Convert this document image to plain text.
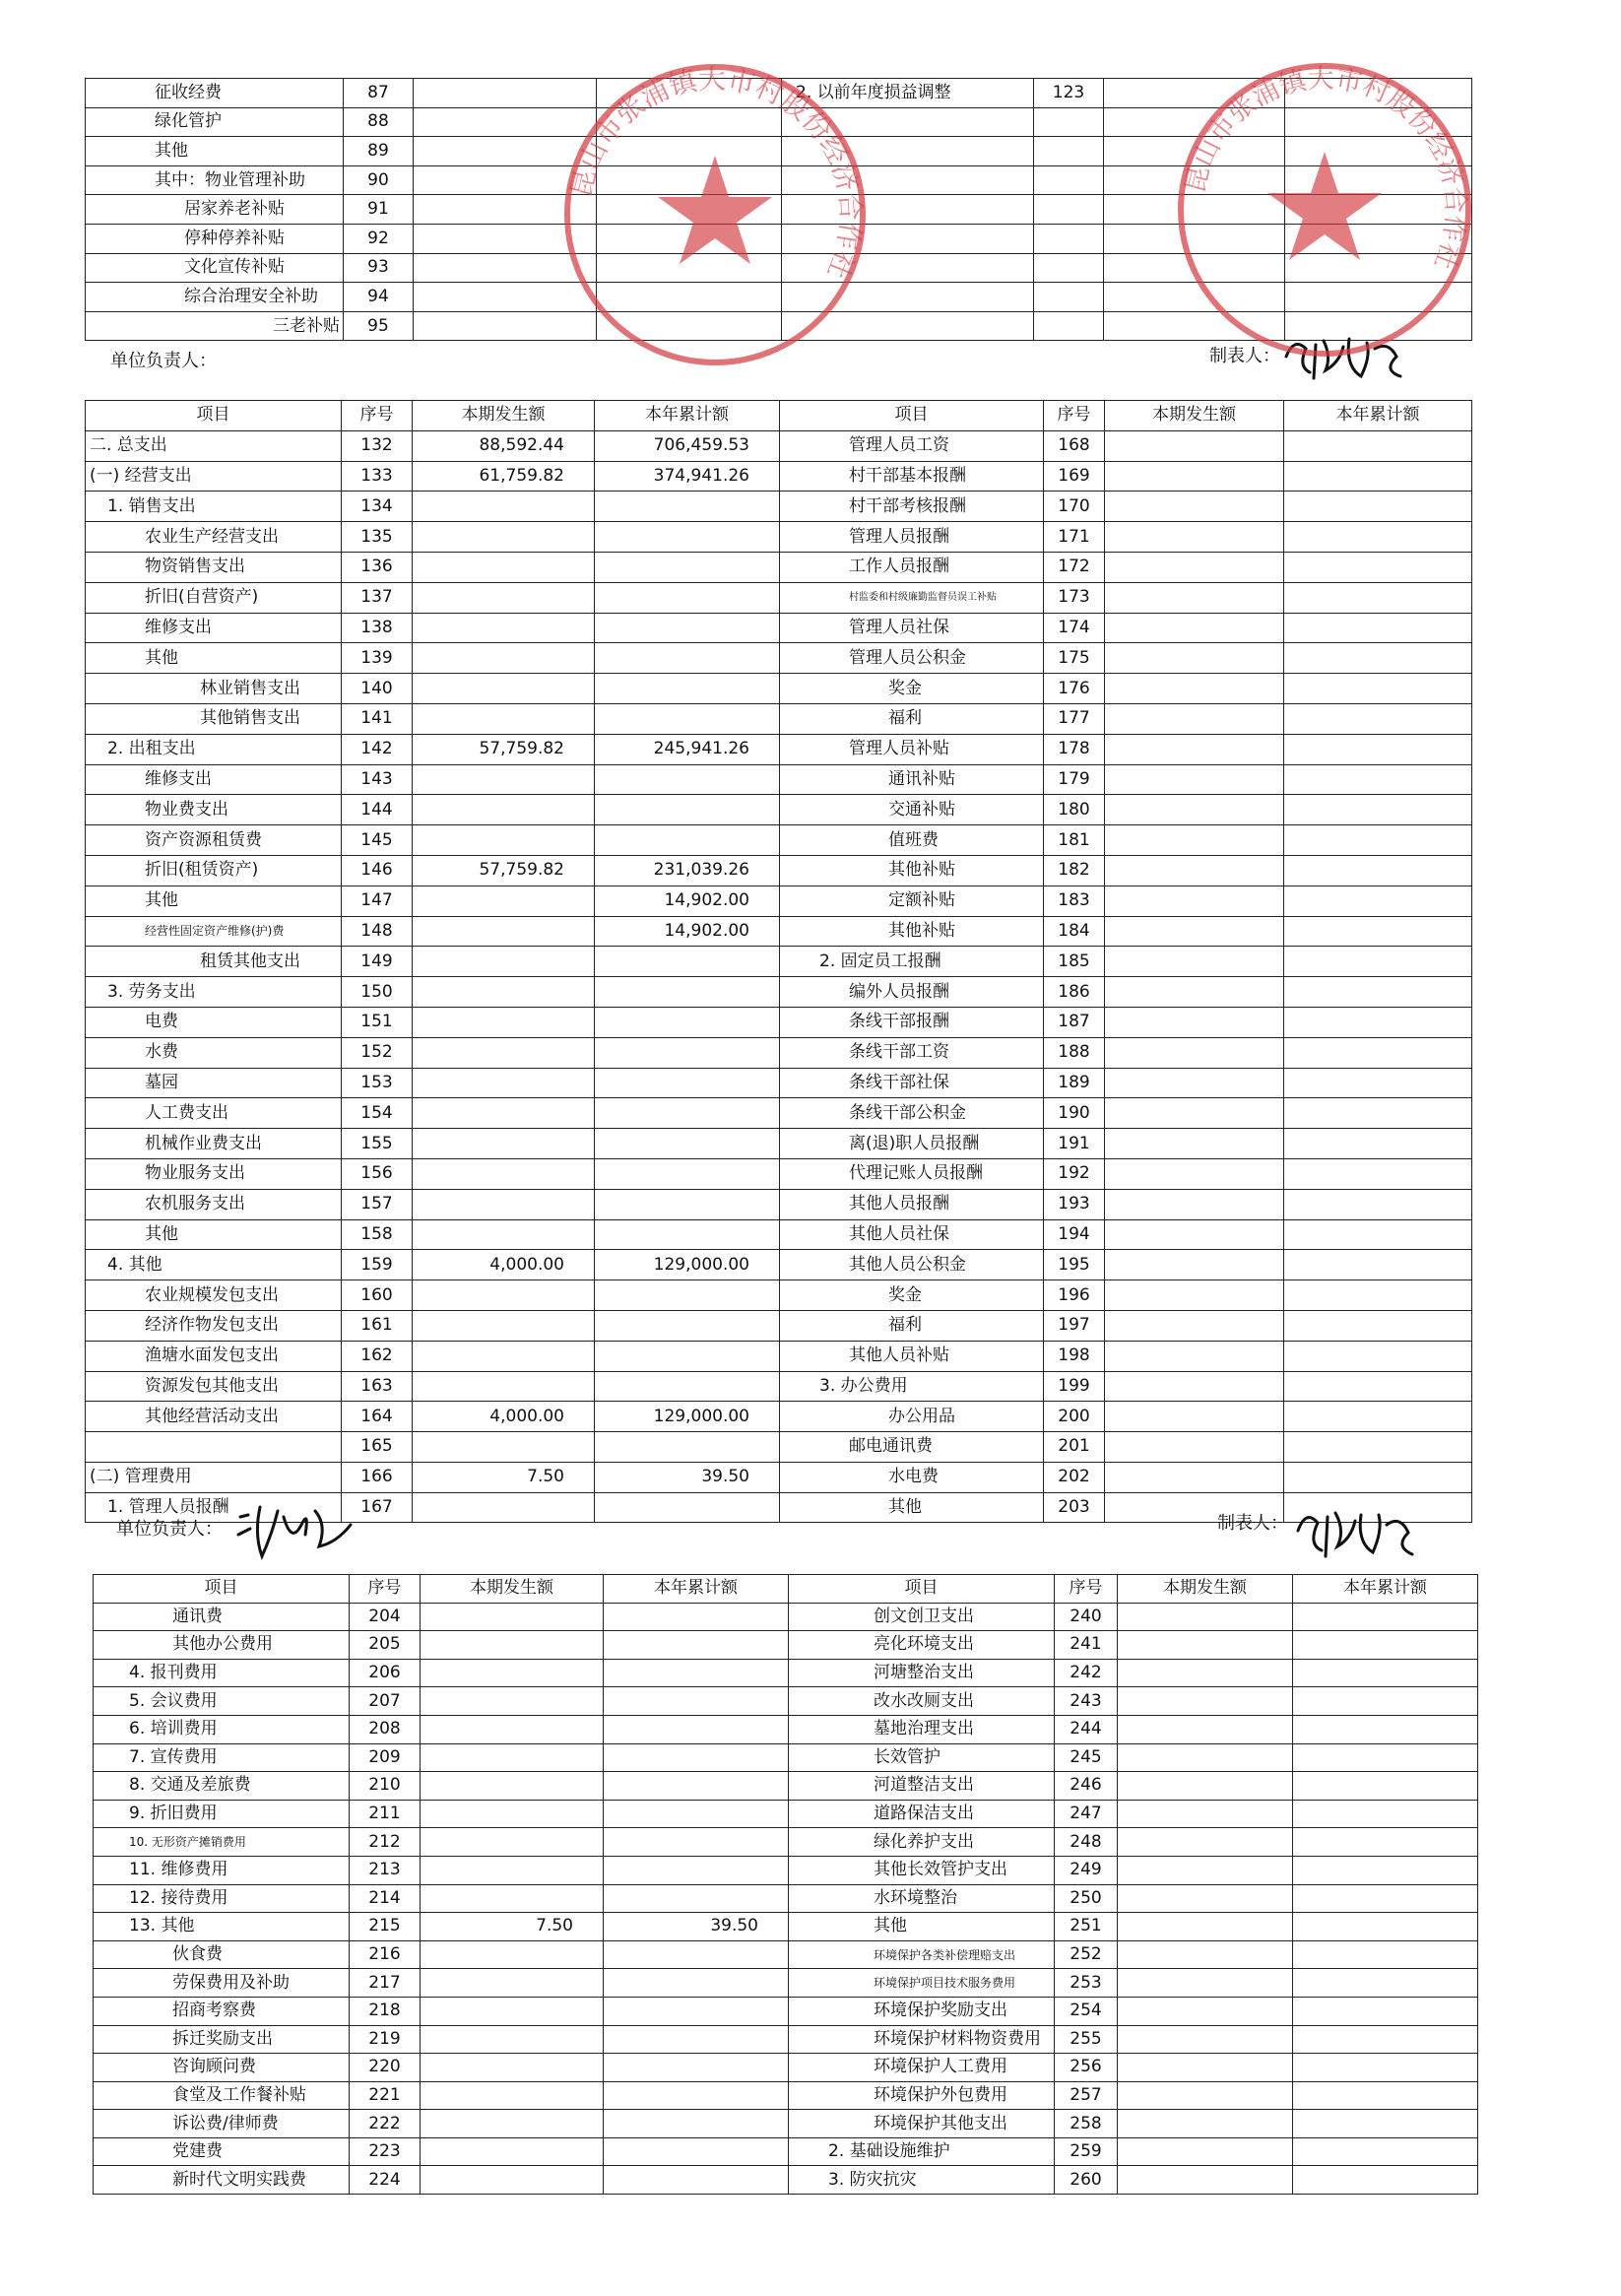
征收经费	87			2. 以前年度损益调整	123		
绿化管护	88						
其他	89						
其中：物业管理补助	90						
居家养老补贴	91						
停种停养补贴	92						
文化宣传补贴	93						
综合治理安全补助	94						
三老补贴	95						
单位负责人：	制表人：
项目	序号	本期发生额	本年累计额	项目	序号	本期发生额	本年累计额
二. 总支出	132	88,592.44	706,459.53	管理人员工资	168		
(一) 经营支出	133	61,759.82	374,941.26	村干部基本报酬	169		
1. 销售支出	134			村干部考核报酬	170		
农业生产经营支出	135			管理人员报酬	171		
物资销售支出	136			工作人员报酬	172		
折旧(自营资产)	137			村监委和村级廉勤监督员误工补贴	173		
维修支出	138			管理人员社保	174		
其他	139			管理人员公积金	175		
林业销售支出	140			奖金	176		
其他销售支出	141			福利	177		
2. 出租支出	142	57,759.82	245,941.26	管理人员补贴	178		
维修支出	143			通讯补贴	179		
物业费支出	144			交通补贴	180		
资产资源租赁费	145			值班费	181		
折旧(租赁资产)	146	57,759.82	231,039.26	其他补贴	182		
其他	147		14,902.00	定额补贴	183		
经营性固定资产维修(护)费	148		14,902.00	其他补贴	184		
租赁其他支出	149			2. 固定员工报酬	185		
3. 劳务支出	150			编外人员报酬	186		
电费	151			条线干部报酬	187		
水费	152			条线干部工资	188		
墓园	153			条线干部社保	189		
人工费支出	154			条线干部公积金	190		
机械作业费支出	155			离(退)职人员报酬	191		
物业服务支出	156			代理记账人员报酬	192		
农机服务支出	157			其他人员报酬	193		
其他	158			其他人员社保	194		
4. 其他	159	4,000.00	129,000.00	其他人员公积金	195		
农业规模发包支出	160			奖金	196		
经济作物发包支出	161			福利	197		
渔塘水面发包支出	162			其他人员补贴	198		
资源发包其他支出	163			3. 办公费用	199		
其他经营活动支出	164	4,000.00	129,000.00	办公用品	200		
	165			邮电通讯费	201		
(二) 管理费用	166	7.50	39.50	水电费	202		
1. 管理人员报酬	167			其他	203		
单位负责人：	制表人：
项目	序号	本期发生额	本年累计额	项目	序号	本期发生额	本年累计额
通讯费	204			创文创卫支出	240		
其他办公费用	205			亮化环境支出	241		
4. 报刊费用	206			河塘整治支出	242		
5. 会议费用	207			改水改厕支出	243		
6. 培训费用	208			墓地治理支出	244		
7. 宣传费用	209			长效管护	245		
8. 交通及差旅费	210			河道整洁支出	246		
9. 折旧费用	211			道路保洁支出	247		
10. 无形资产摊销费用	212			绿化养护支出	248		
11. 维修费用	213			其他长效管护支出	249		
12. 接待费用	214			水环境整治	250		
13. 其他	215	7.50	39.50	其他	251		
伙食费	216			环境保护各类补偿理赔支出	252		
劳保费用及补助	217			环境保护项目技术服务费用	253		
招商考察费	218			环境保护奖励支出	254		
拆迁奖励支出	219			环境保护材料物资费用	255		
咨询顾问费	220			环境保护人工费用	256		
食堂及工作餐补贴	221			环境保护外包费用	257		
诉讼费/律师费	222			环境保护其他支出	258		
党建费	223			2. 基础设施维护	259		
新时代文明实践费	224			3. 防灾抗灾	260		
昆山市张浦镇大市村股份经济合作社
昆山市张浦镇大市村股份经济合作社
